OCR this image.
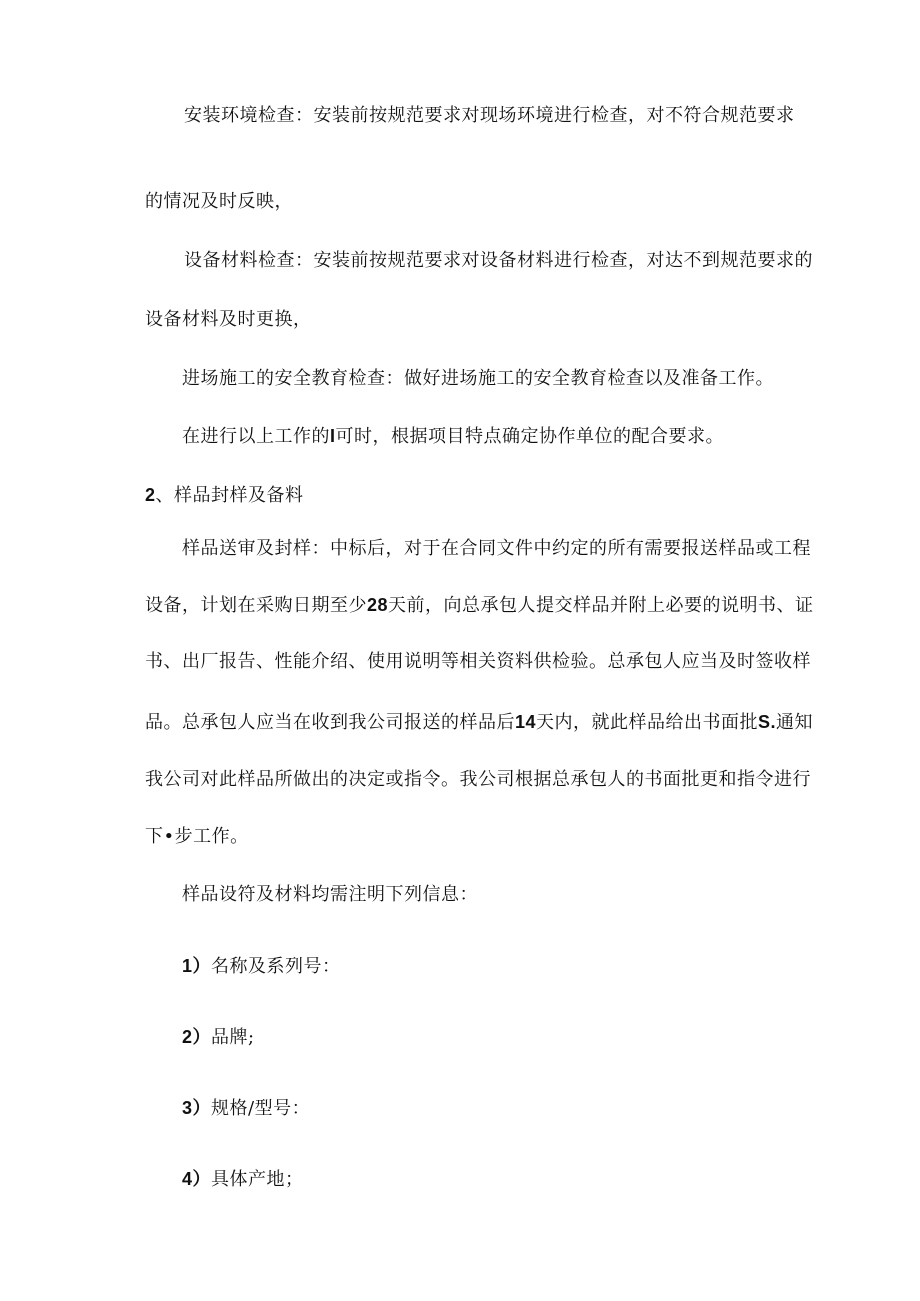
安装环境检查：安装前按规范要求对现场环境进行检查，对不符合规范要求
的情况及时反映，
设备材料检查：安装前按规范要求对设备材料进行检查，对达不到规范要求的
设备材料及时更换，
进场施工的安全教育检查：做好进场施工的安全教育检查以及准备工作。
在进行以上工作的I可时，根据项目特点确定协作单位的配合要求。
2、样品封样及备料
样品送审及封样：中标后，对于在合同文件中约定的所有需要报送样品或工程
设备，计划在采购日期至少28天前，向总承包人提交样品并附上必要的说明书、证
书、出厂报告、性能介绍、使用说明等相关资料供检验。总承包人应当及时签收样
品。总承包人应当在收到我公司报送的样品后14天内，就此样品给出书面批S.通知
我公司对此样品所做出的决定或指令。我公司根据总承包人的书面批更和指令进行
下•步工作。
样品设符及材料均需注明下列信息：
1）名称及系列号：
2）品牌;
3）规格/型号：
4）具体产地；
